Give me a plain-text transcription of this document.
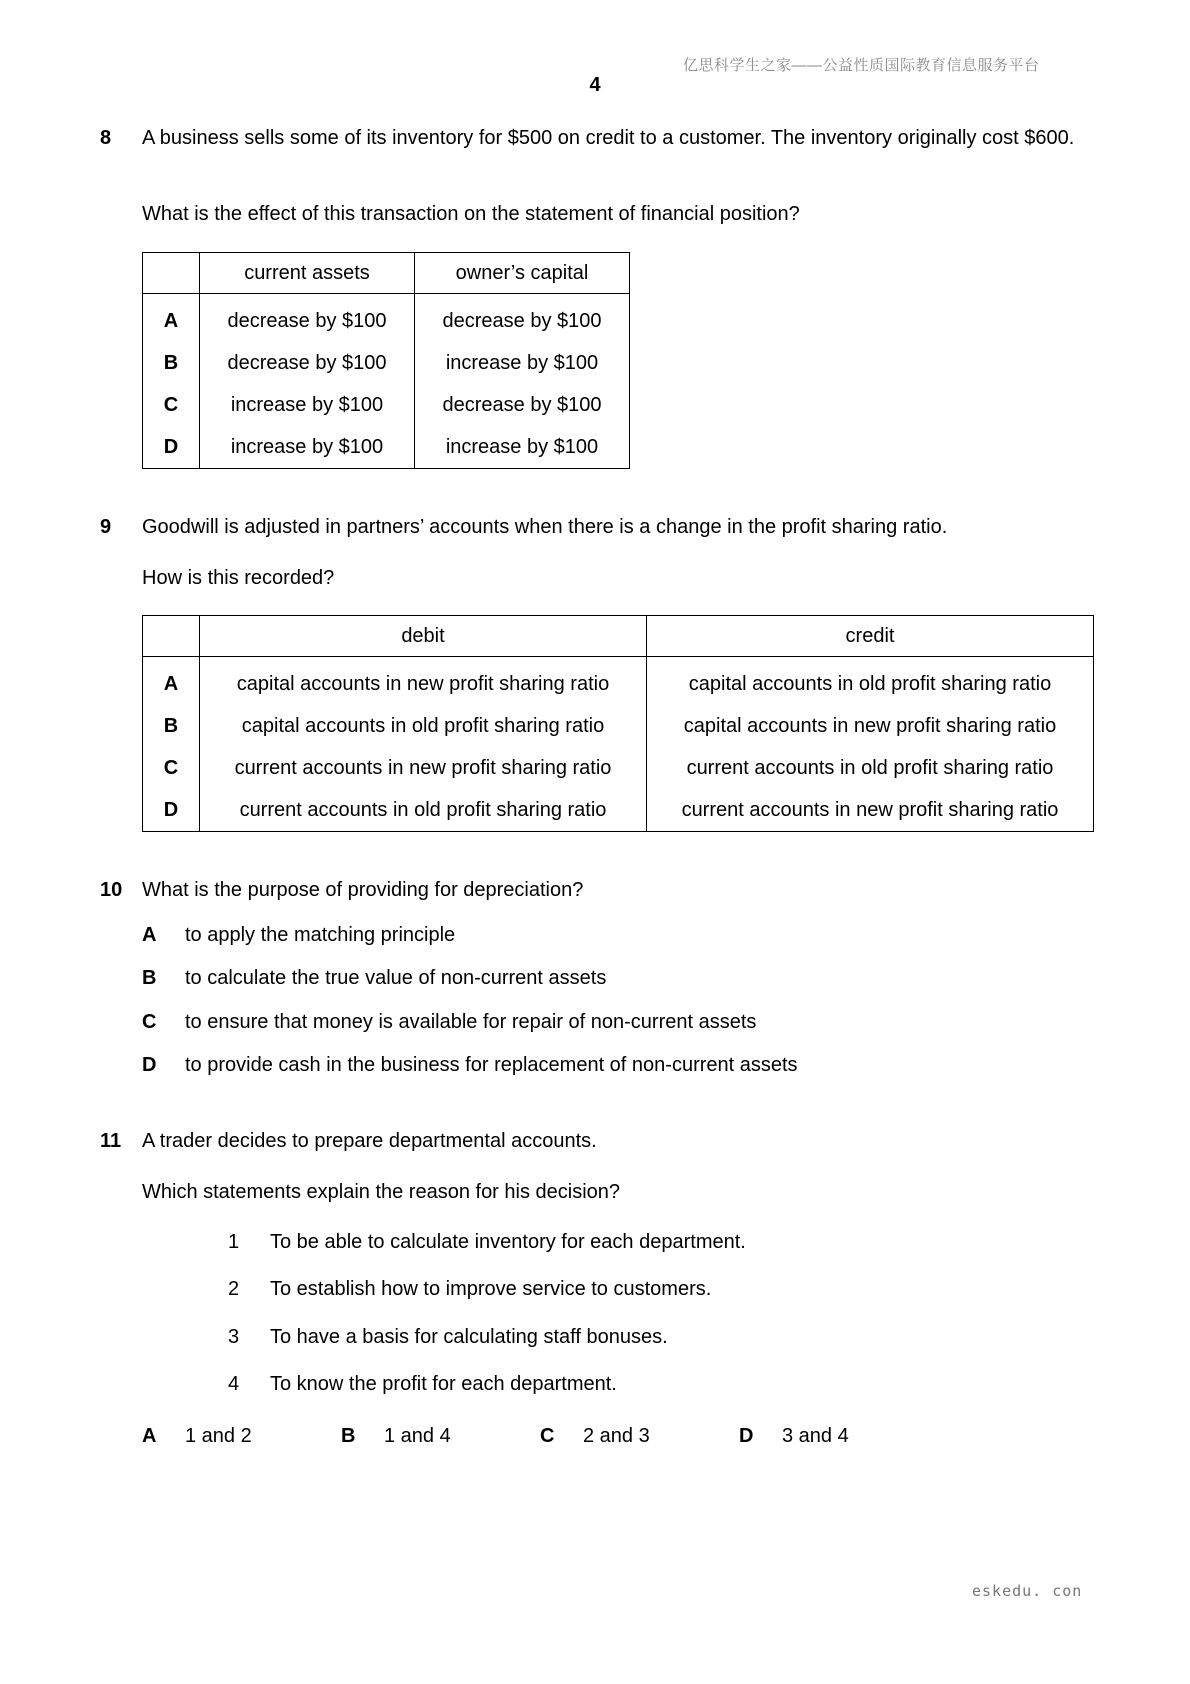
亿思科学生之家——公益性质国际教育信息服务平台
4
8 A business sells some of its inventory for $500 on credit to a customer. The inventory originally cost $600.
What is the effect of this transaction on the statement of financial position?
	current assets	owner’s capital
A	decrease by $100	decrease by $100
B	decrease by $100	increase by $100
C	increase by $100	decrease by $100
D	increase by $100	increase by $100
9 Goodwill is adjusted in partners’ accounts when there is a change in the profit sharing ratio.
How is this recorded?
	debit	credit
A	capital accounts in new profit sharing ratio	capital accounts in old profit sharing ratio
B	capital accounts in old profit sharing ratio	capital accounts in new profit sharing ratio
C	current accounts in new profit sharing ratio	current accounts in old profit sharing ratio
D	current accounts in old profit sharing ratio	current accounts in new profit sharing ratio
10 What is the purpose of providing for depreciation?
A to apply the matching principle
B to calculate the true value of non-current assets
C to ensure that money is available for repair of non-current assets
D to provide cash in the business for replacement of non-current assets
11 A trader decides to prepare departmental accounts.
Which statements explain the reason for his decision?
1 To be able to calculate inventory for each department.
2 To establish how to improve service to customers.
3 To have a basis for calculating staff bonuses.
4 To know the profit for each department.
A 1 and 2	B 1 and 4	C 2 and 3	D 3 and 4
eskedu. con
